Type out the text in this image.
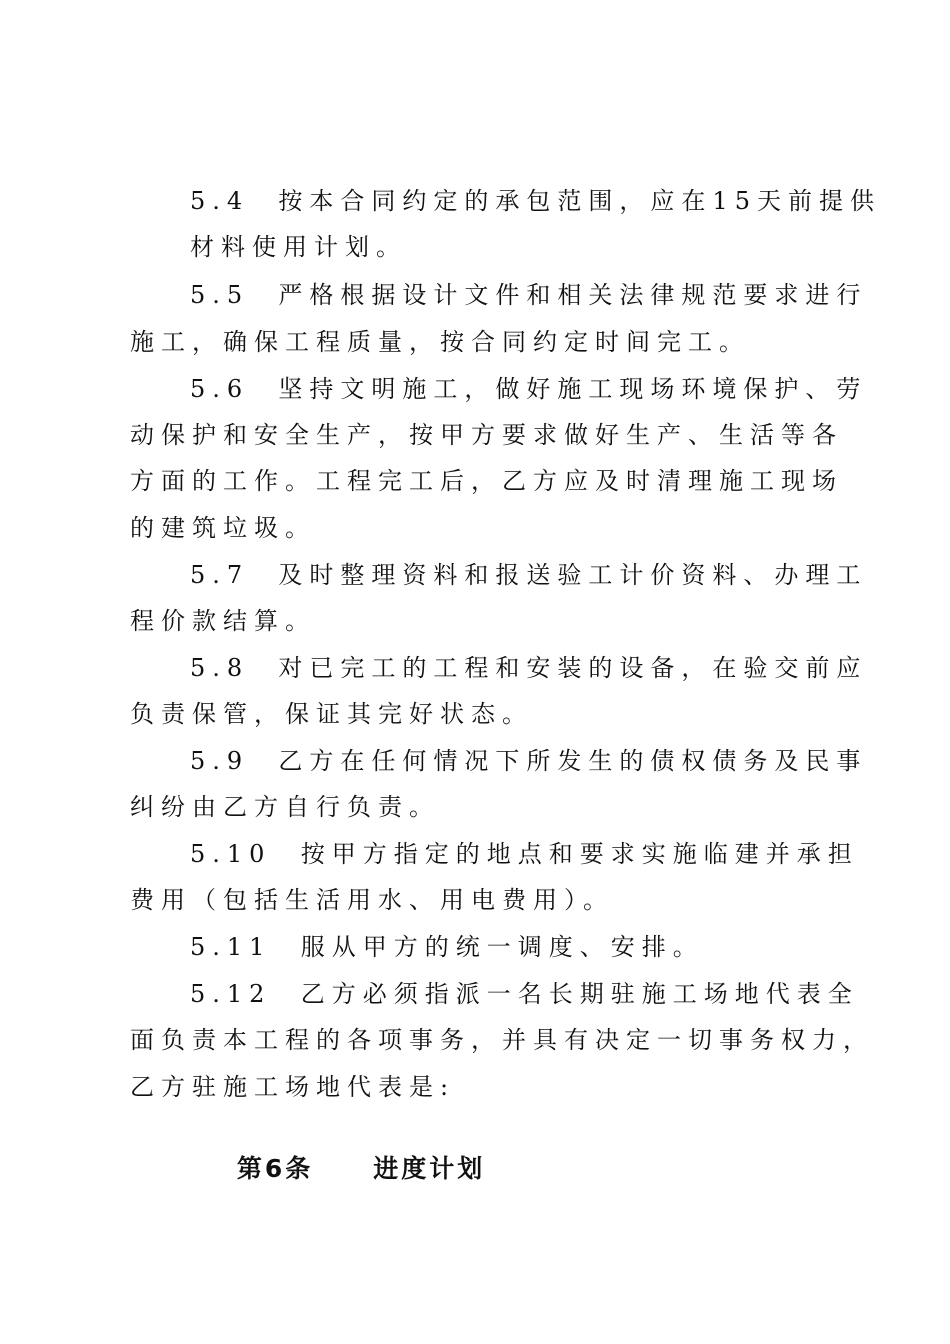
5.4  按本合同约定的承包范围，应在15天前提供
材料使用计划。
5.5  严格根据设计文件和相关法律规范要求进行
施工，确保工程质量，按合同约定时间完工。
5.6  坚持文明施工，做好施工现场环境保护、劳
动保护和安全生产，按甲方要求做好生产、生活等各
方面的工作。工程完工后，乙方应及时清理施工现场
的建筑垃圾。
5.7  及时整理资料和报送验工计价资料、办理工
程价款结算。
5.8  对已完工的工程和安装的设备，在验交前应
负责保管，保证其完好状态。
5.9  乙方在任何情况下所发生的债权债务及民事
纠纷由乙方自行负责。
5.10  按甲方指定的地点和要求实施临建并承担
费用（包括生活用水、用电费用）。
5.11  服从甲方的统一调度、安排。
5.12  乙方必须指派一名长期驻施工场地代表全
面负责本工程的各项事务，并具有决定一切事务权力，
乙方驻施工场地代表是:

第6条 进度计划
